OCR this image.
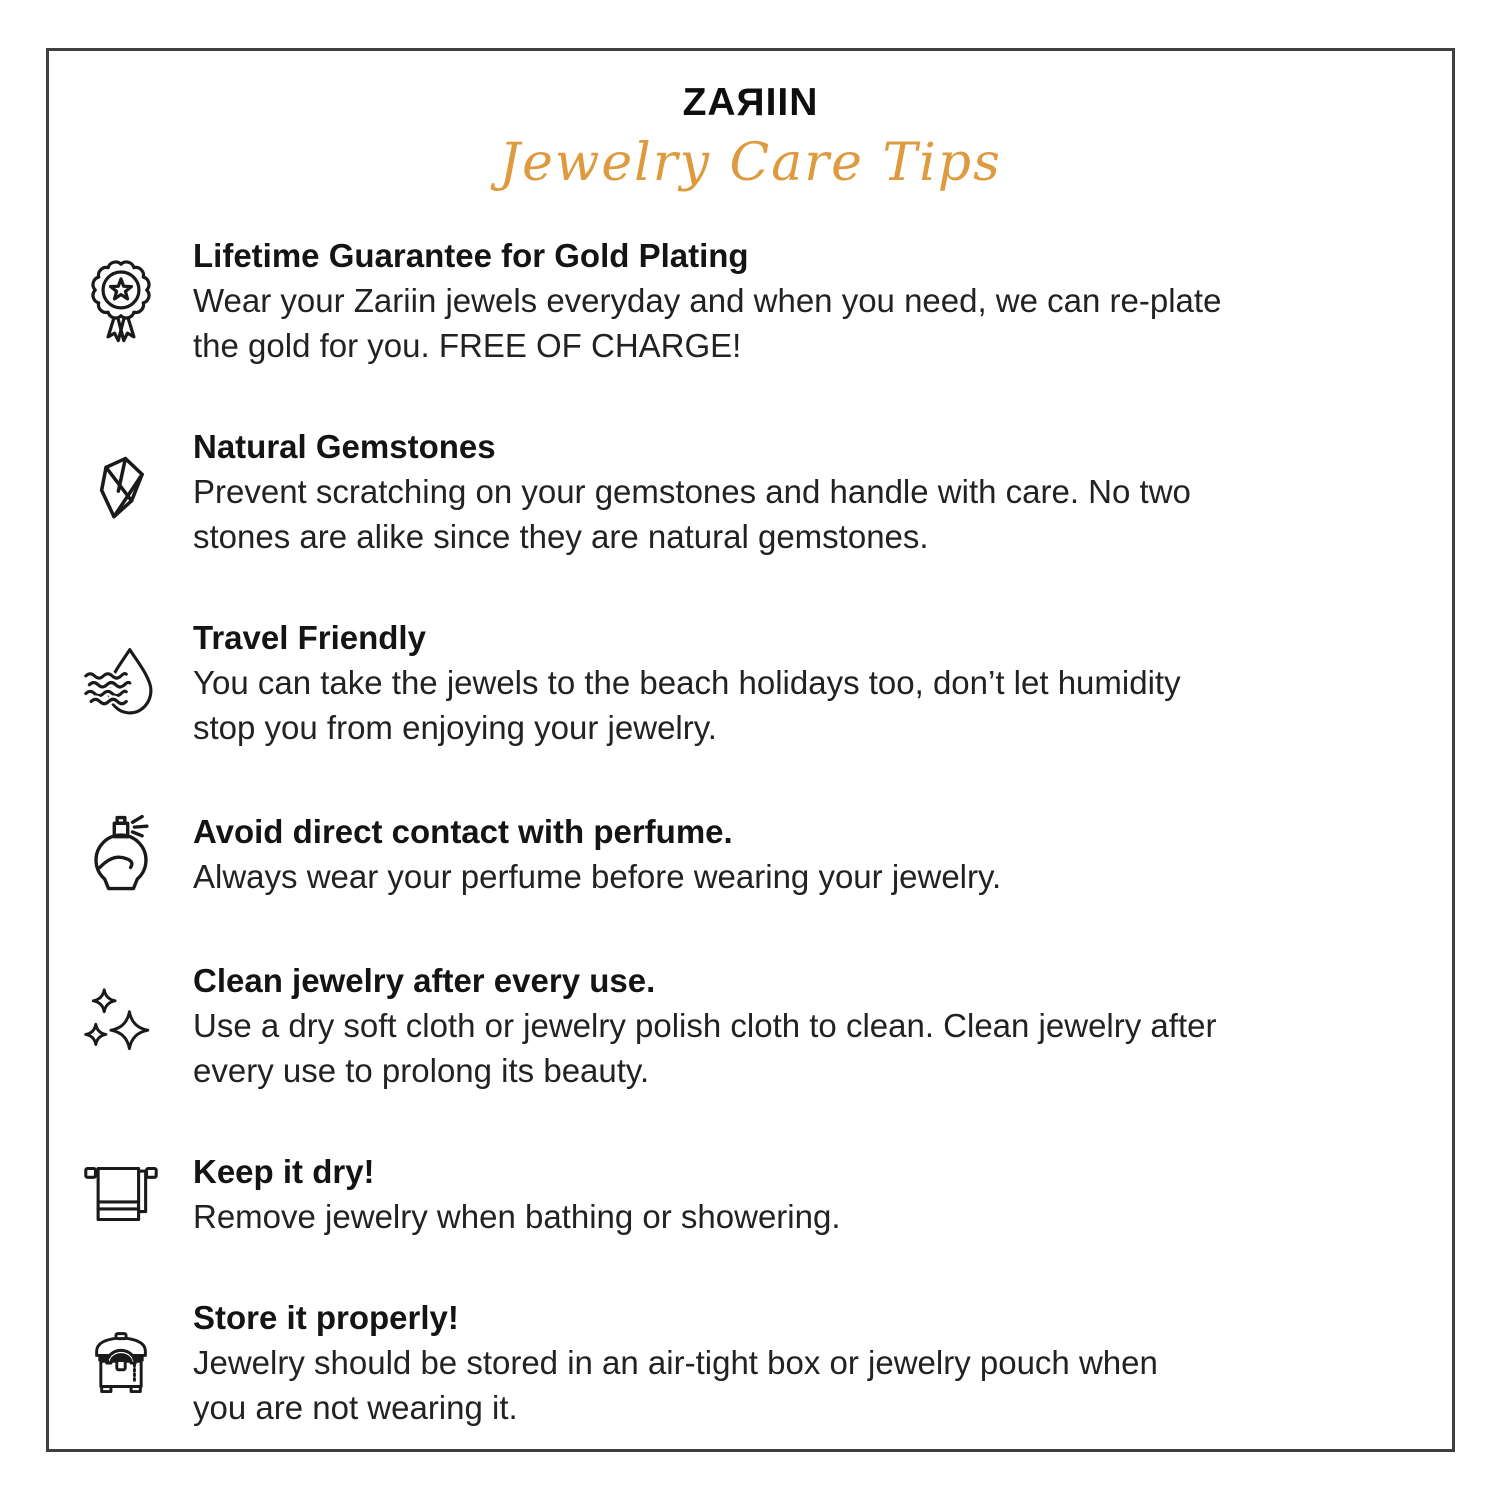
ZAЯIIN
Jewelry Care Tips
Lifetime Guarantee for Gold Plating
Wear your Zariin jewels everyday and when you need, we can re-plate
the gold for you. FREE OF CHARGE!
Natural Gemstones
Prevent scratching on your gemstones and handle with care. No two
stones are alike since they are natural gemstones.
Travel Friendly
You can take the jewels to the beach holidays too, don’t let humidity
stop you from enjoying your jewelry.
Avoid direct contact with perfume.
Always wear your perfume before wearing your jewelry.
Clean jewelry after every use.
Use a dry soft cloth or jewelry polish cloth to clean. Clean jewelry after
every use to prolong its beauty.
Keep it dry!
Remove jewelry when bathing or showering.
Store it properly!
Jewelry should be stored in an air-tight box or jewelry pouch when
you are not wearing it.
